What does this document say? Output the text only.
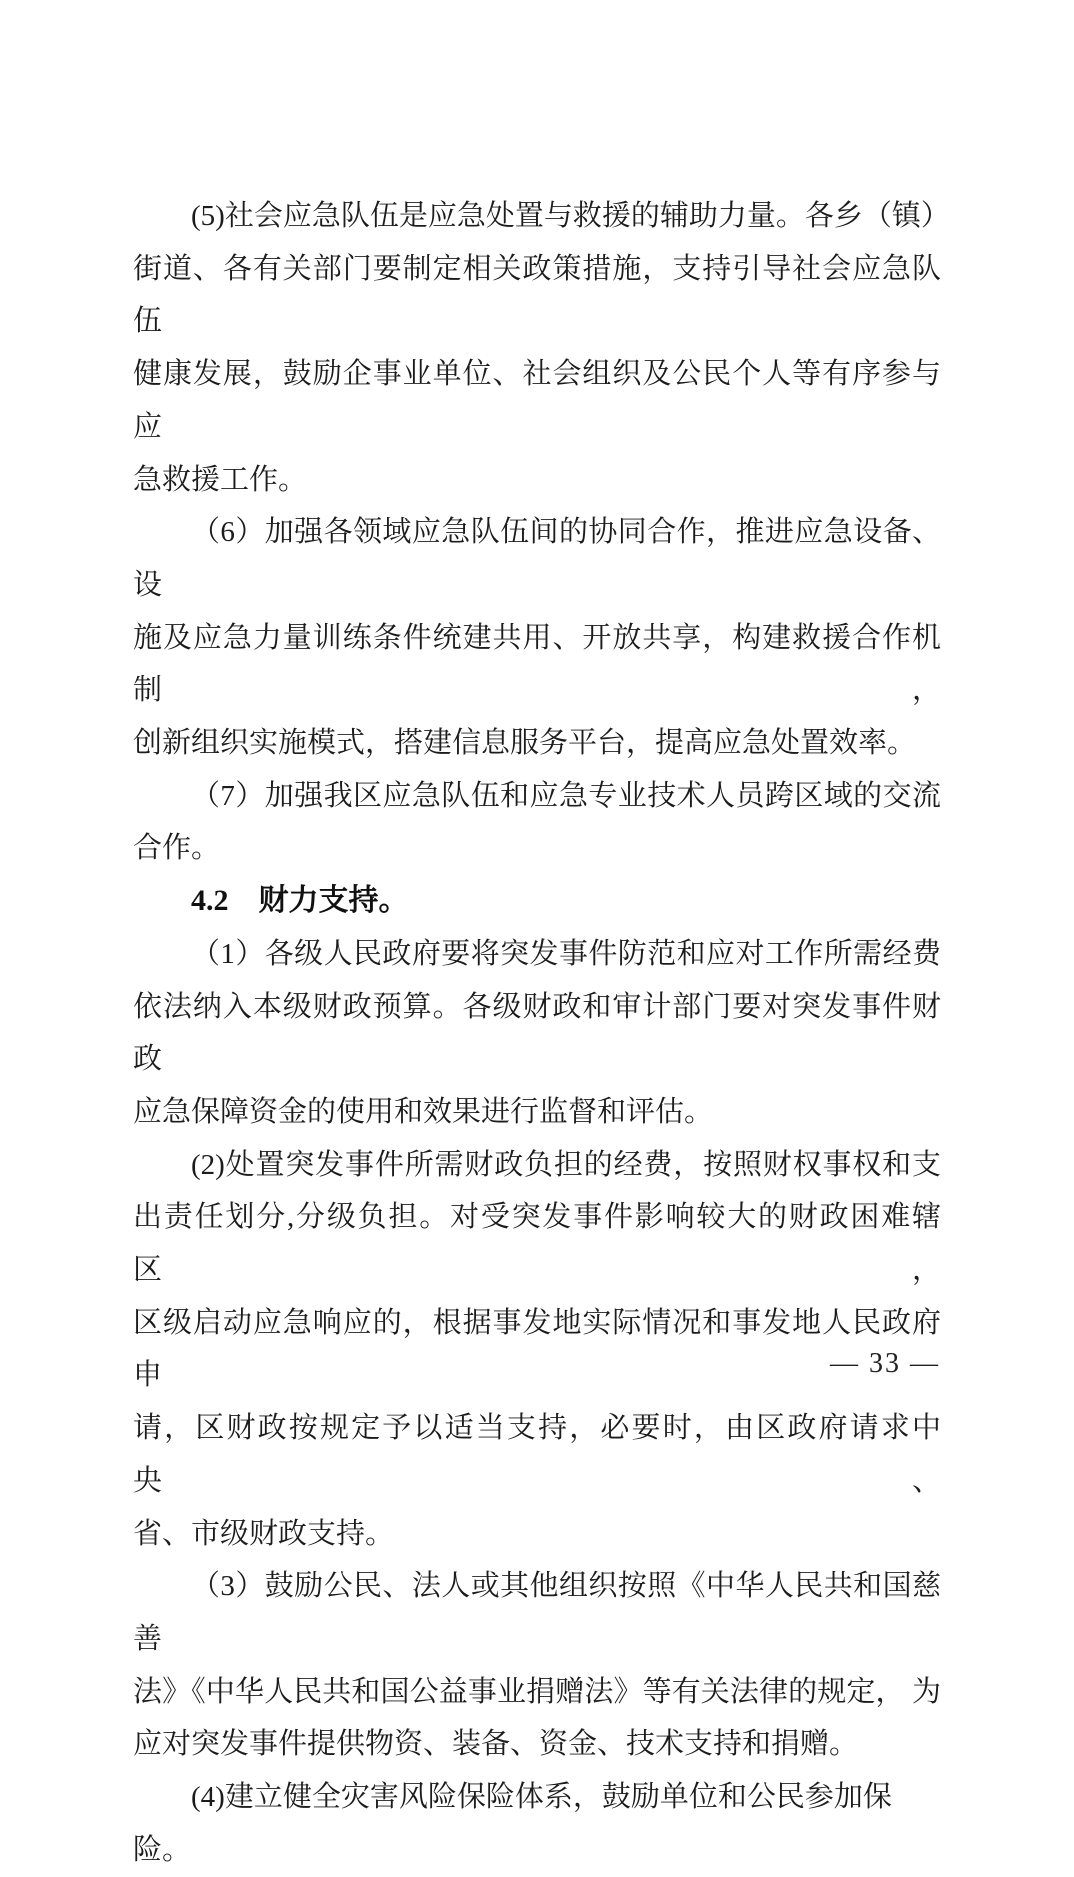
(5)社会应急队伍是应急处置与救援的辅助力量。各乡（镇）
街道、各有关部门要制定相关政策措施，支持引导社会应急队伍
健康发展，鼓励企事业单位、社会组织及公民个人等有序参与应
急救援工作。
（6）加强各领域应急队伍间的协同合作，推进应急设备、设
施及应急力量训练条件统建共用、开放共享，构建救援合作机制，
创新组织实施模式，搭建信息服务平台，提高应急处置效率。
（7）加强我区应急队伍和应急专业技术人员跨区域的交流
合作。
4.2　财力支持。
（1）各级人民政府要将突发事件防范和应对工作所需经费
依法纳入本级财政预算。各级财政和审计部门要对突发事件财政
应急保障资金的使用和效果进行监督和评估。
(2)处置突发事件所需财政负担的经费，按照财权事权和支
出责任划分,分级负担。对受突发事件影响较大的财政困难辖 区，
区级启动应急响应的，根据事发地实际情况和事发地人民政府申
请，区财政按规定予以适当支持，必要时，由区政府请求中 央、
省、市级财政支持。
（3）鼓励公民、法人或其他组织按照《中华人民共和国慈善
法》《中华人民共和国公益事业捐赠法》等有关法律的规定， 为
应对突发事件提供物资、装备、资金、技术支持和捐赠。
(4)建立健全灾害风险保险体系，鼓励单位和公民参加保险。
— 33 —
